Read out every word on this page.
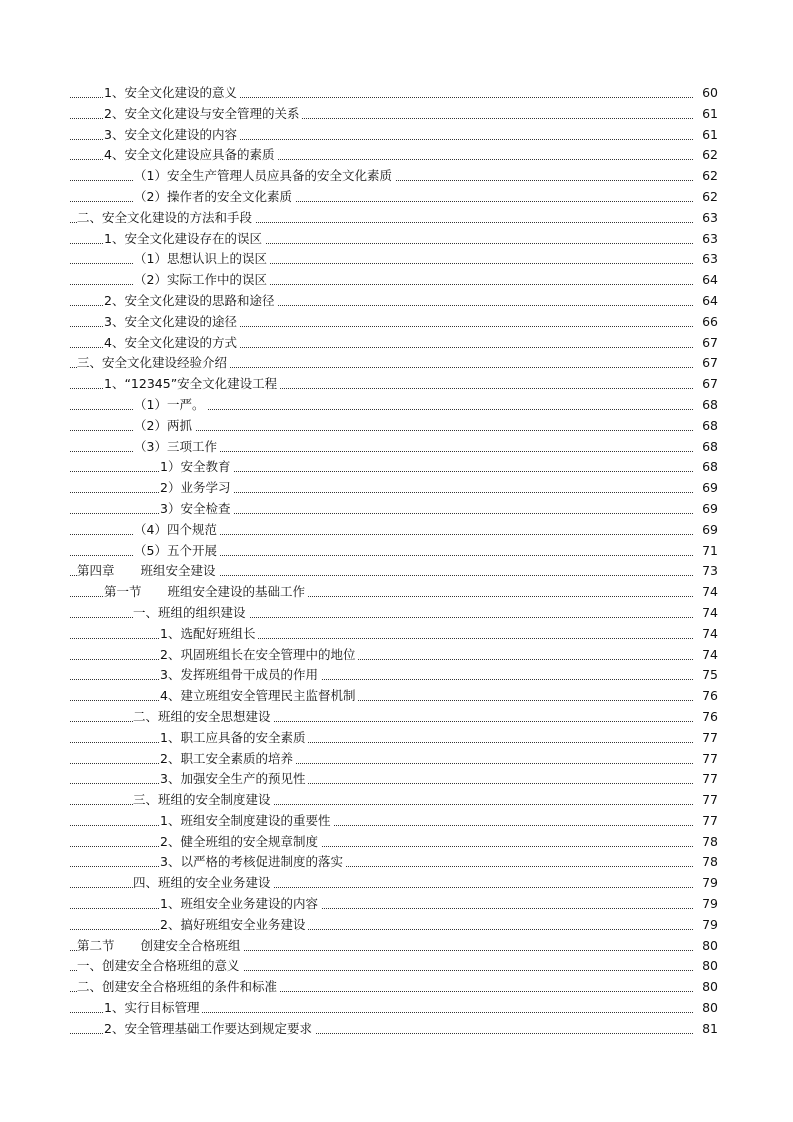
1、安全文化建设的意义	60
2、安全文化建设与安全管理的关系	61
3、安全文化建设的内容	61
4、安全文化建设应具备的素质	62
（1）安全生产管理人员应具备的安全文化素质	62
（2）操作者的安全文化素质	62
二、安全文化建设的方法和手段	63
1、安全文化建设存在的误区	63
（1）思想认识上的误区	63
（2）实际工作中的误区	64
2、安全文化建设的思路和途径	64
3、安全文化建设的途径	66
4、安全文化建设的方式	67
三、安全文化建设经验介绍	67
1、“12345”安全文化建设工程	67
（1）一严。	68
（2）两抓	68
（3）三项工作	68
1）安全教育	68
2）业务学习	69
3）安全检查	69
（4）四个规范	69
（5）五个开展	71
第四章 班组安全建设	73
第一节 班组安全建设的基础工作	74
一、班组的组织建设	74
1、选配好班组长	74
2、巩固班组长在安全管理中的地位	74
3、发挥班组骨干成员的作用	75
4、建立班组安全管理民主监督机制	76
二、班组的安全思想建设	76
1、职工应具备的安全素质	77
2、职工安全素质的培养	77
3、加强安全生产的预见性	77
三、班组的安全制度建设	77
1、班组安全制度建设的重要性	77
2、健全班组的安全规章制度	78
3、以严格的考核促进制度的落实	78
四、班组的安全业务建设	79
1、班组安全业务建设的内容	79
2、搞好班组安全业务建设	79
第二节 创建安全合格班组	80
一、创建安全合格班组的意义	80
二、创建安全合格班组的条件和标准	80
1、实行目标管理	80
2、安全管理基础工作要达到规定要求	81
